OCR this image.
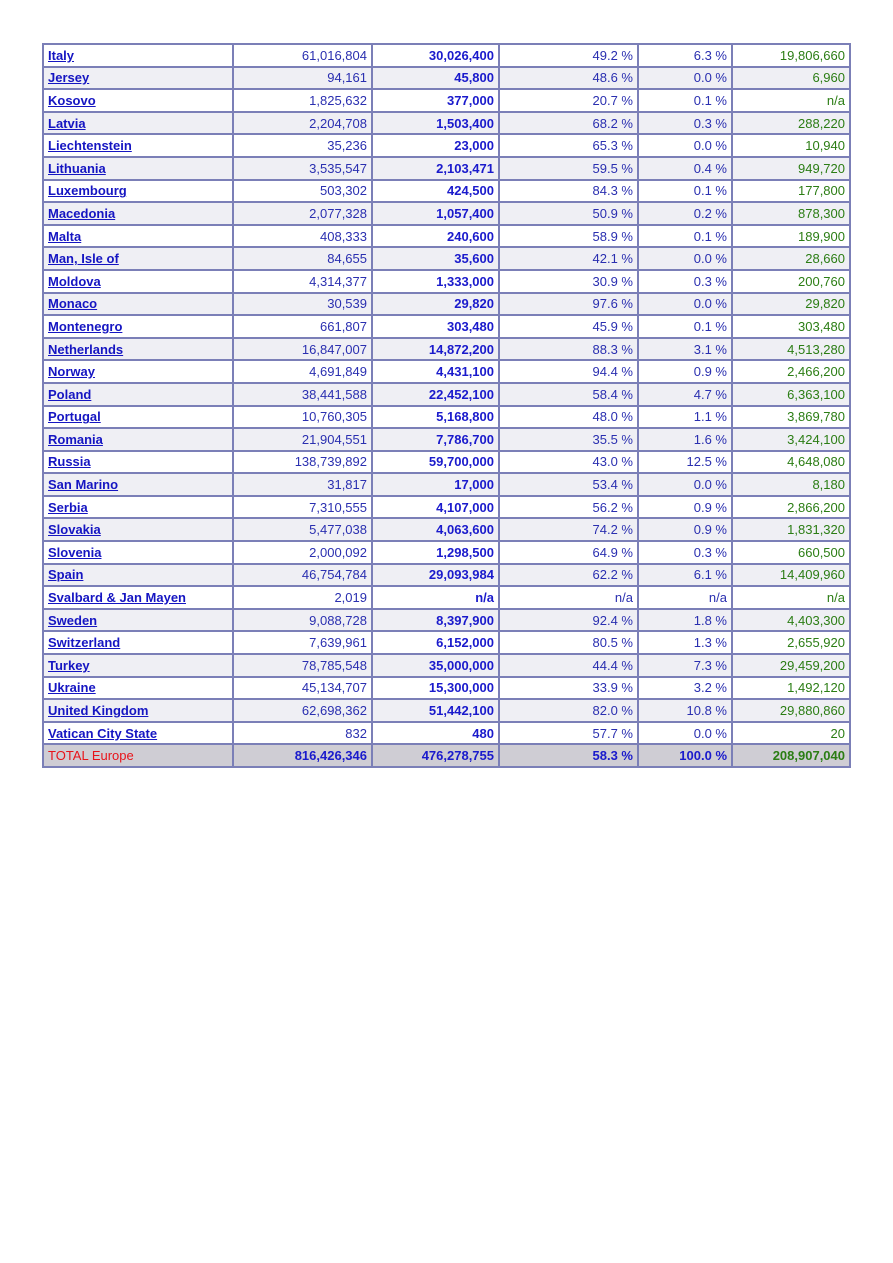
Italy	61,016,804	30,026,400	49.2 %	6.3 %	19,806,660
Jersey	94,161	45,800	48.6 %	0.0 %	6,960
Kosovo	1,825,632	377,000	20.7 %	0.1 %	n/a
Latvia	2,204,708	1,503,400	68.2 %	0.3 %	288,220
Liechtenstein	35,236	23,000	65.3 %	0.0 %	10,940
Lithuania	3,535,547	2,103,471	59.5 %	0.4 %	949,720
Luxembourg	503,302	424,500	84.3 %	0.1 %	177,800
Macedonia	2,077,328	1,057,400	50.9 %	0.2 %	878,300
Malta	408,333	240,600	58.9 %	0.1 %	189,900
Man, Isle of	84,655	35,600	42.1 %	0.0 %	28,660
Moldova	4,314,377	1,333,000	30.9 %	0.3 %	200,760
Monaco	30,539	29,820	97.6 %	0.0 %	29,820
Montenegro	661,807	303,480	45.9 %	0.1 %	303,480
Netherlands	16,847,007	14,872,200	88.3 %	3.1 %	4,513,280
Norway	4,691,849	4,431,100	94.4 %	0.9 %	2,466,200
Poland	38,441,588	22,452,100	58.4 %	4.7 %	6,363,100
Portugal	10,760,305	5,168,800	48.0 %	1.1 %	3,869,780
Romania	21,904,551	7,786,700	35.5 %	1.6 %	3,424,100
Russia	138,739,892	59,700,000	43.0 %	12.5 %	4,648,080
San Marino	31,817	17,000	53.4 %	0.0 %	8,180
Serbia	7,310,555	4,107,000	56.2 %	0.9 %	2,866,200
Slovakia	5,477,038	4,063,600	74.2 %	0.9 %	1,831,320
Slovenia	2,000,092	1,298,500	64.9 %	0.3 %	660,500
Spain	46,754,784	29,093,984	62.2 %	6.1 %	14,409,960
Svalbard & Jan Mayen	2,019	n/a	n/a	n/a	n/a
Sweden	9,088,728	8,397,900	92.4 %	1.8 %	4,403,300
Switzerland	7,639,961	6,152,000	80.5 %	1.3 %	2,655,920
Turkey	78,785,548	35,000,000	44.4 %	7.3 %	29,459,200
Ukraine	45,134,707	15,300,000	33.9 %	3.2 %	1,492,120
United Kingdom	62,698,362	51,442,100	82.0 %	10.8 %	29,880,860
Vatican City State	832	480	57.7 %	0.0 %	20
TOTAL Europe	816,426,346	476,278,755	58.3 %	100.0 %	208,907,040
